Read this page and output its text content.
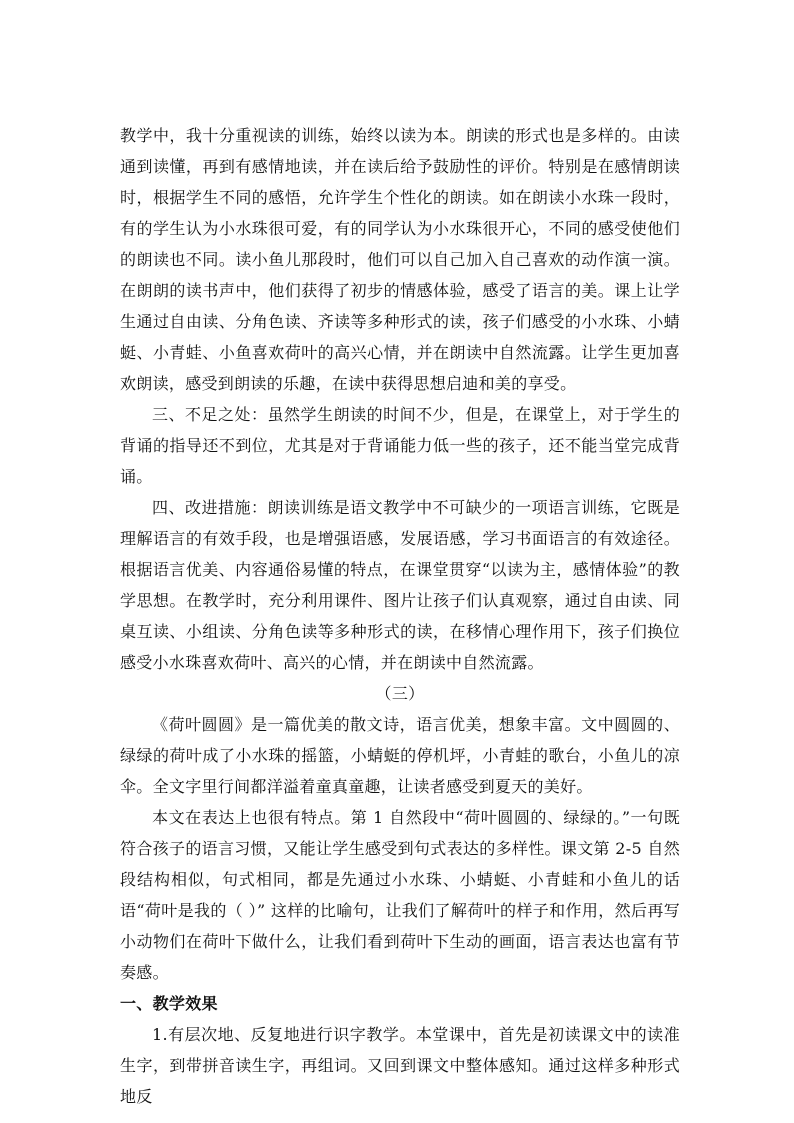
教学中，我十分重视读的训练，始终以读为本。朗读的形式也是多样的。由读通到读懂，再到有感情地读，并在读后给予鼓励性的评价。特别是在感情朗读时，根据学生不同的感悟，允许学生个性化的朗读。如在朗读小水珠一段时，有的学生认为小水珠很可爱，有的同学认为小水珠很开心，不同的感受使他们的朗读也不同。读小鱼儿那段时，他们可以自己加入自己喜欢的动作演一演。在朗朗的读书声中，他们获得了初步的情感体验，感受了语言的美。课上让学生通过自由读、分角色读、齐读等多种形式的读，孩子们感受的小水珠、小蜻蜓、小青蛙、小鱼喜欢荷叶的高兴心情，并在朗读中自然流露。让学生更加喜欢朗读，感受到朗读的乐趣，在读中获得思想启迪和美的享受。

三、不足之处：虽然学生朗读的时间不少，但是，在课堂上，对于学生的背诵的指导还不到位，尤其是对于背诵能力低一些的孩子，还不能当堂完成背诵。

四、改进措施：朗读训练是语文教学中不可缺少的一项语言训练，它既是理解语言的有效手段，也是增强语感，发展语感，学习书面语言的有效途径。根据语言优美、内容通俗易懂的特点，在课堂贯穿“以读为主，感情体验”的教学思想。在教学时，充分利用课件、图片让孩子们认真观察，通过自由读、同桌互读、小组读、分角色读等多种形式的读，在移情心理作用下，孩子们换位感受小水珠喜欢荷叶、高兴的心情，并在朗读中自然流露。

（三）

《荷叶圆圆》是一篇优美的散文诗，语言优美，想象丰富。文中圆圆的、绿绿的荷叶成了小水珠的摇篮，小蜻蜓的停机坪，小青蛙的歌台，小鱼儿的凉伞。全文字里行间都洋溢着童真童趣，让读者感受到夏天的美好。

本文在表达上也很有特点。第 1 自然段中“荷叶圆圆的、绿绿的。”一句既符合孩子的语言习惯，又能让学生感受到句式表达的多样性。课文第 2-5 自然段结构相似，句式相同，都是先通过小水珠、小蜻蜓、小青蛙和小鱼儿的话语“荷叶是我的（ ）” 这样的比喻句，让我们了解荷叶的样子和作用，然后再写小动物们在荷叶下做什么，让我们看到荷叶下生动的画面，语言表达也富有节奏感。

一、教学效果

1.有层次地、反复地进行识字教学。本堂课中，首先是初读课文中的读准生字，到带拼音读生字，再组词。又回到课文中整体感知。通过这样多种形式地反
